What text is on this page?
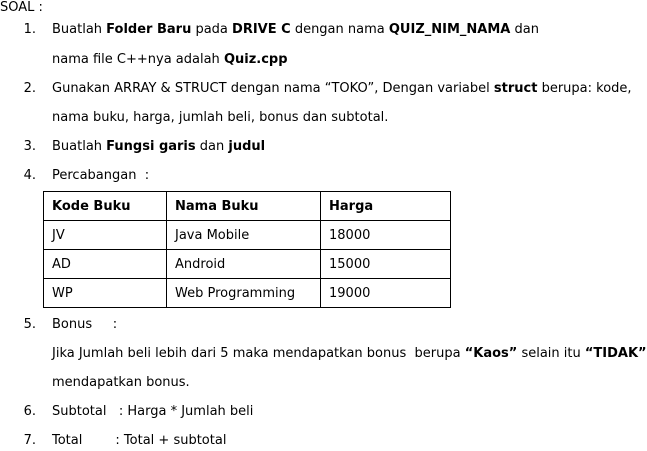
SOAL :
1. Buatlah Folder Baru pada DRIVE C dengan nama QUIZ_NIM_NAMA dan
nama file C++nya adalah Quiz.cpp
2. Gunakan ARRAY & STRUCT dengan nama “TOKO”, Dengan variabel struct berupa: kode,
nama buku, harga, jumlah beli, bonus dan subtotal.
3. Buatlah Fungsi garis dan judul
4. Percabangan  :
Kode Buku	Nama Buku	Harga
JV	Java Mobile	18000
AD	Android	15000
WP	Web Programming	19000
5. Bonus     :
Jika Jumlah beli lebih dari 5 maka mendapatkan bonus  berupa “Kaos” selain itu “TIDAK”
mendapatkan bonus.
6. Subtotal   : Harga * Jumlah beli
7. Total        : Total + subtotal
